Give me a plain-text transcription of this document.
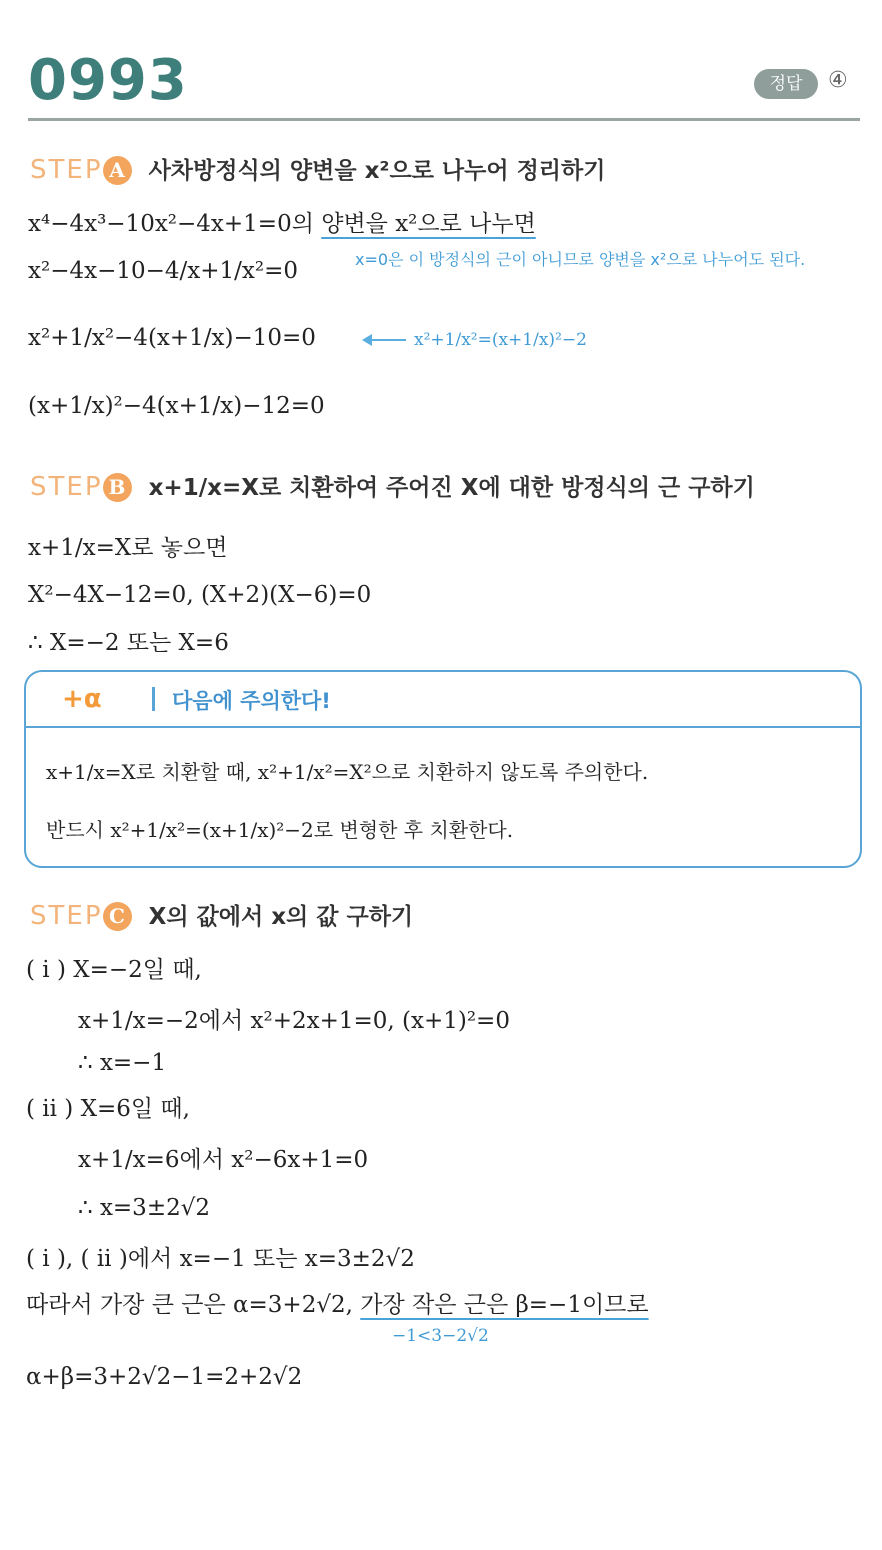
0993	정답	④
STEP A 사차방정식의 양변을 x²으로 나누어 정리하기
x⁴−4x³−10x²−4x+1=0의 양변을 x²으로 나누면
x=0은 이 방정식의 근이 아니므로 양변을 x²으로 나누어도 된다.
x²−4x−10−4/x+1/x²=0
x²+1/x²−4(x+1/x)−10=0	x²+1/x²=(x+1/x)²−2
(x+1/x)²−4(x+1/x)−12=0
STEP B x+1/x=X로 치환하여 주어진 X에 대한 방정식의 근 구하기
x+1/x=X로 놓으면
X²−4X−12=0, (X+2)(X−6)=0
∴ X=−2 또는 X=6
+α	다음에 주의한다!
x+1/x=X로 치환할 때, x²+1/x²=X²으로 치환하지 않도록 주의한다.
반드시 x²+1/x²=(x+1/x)²−2로 변형한 후 치환한다.
STEP C X의 값에서 x의 값 구하기
( i ) X=−2일 때,
x+1/x=−2에서 x²+2x+1=0, (x+1)²=0
∴ x=−1
( ii ) X=6일 때,
x+1/x=6에서 x²−6x+1=0
∴ x=3±2√2
( i ), ( ii )에서 x=−1 또는 x=3±2√2
따라서 가장 큰 근은 α=3+2√2, 가장 작은 근은 β=−1이므로
−1<3−2√2
α+β=3+2√2−1=2+2√2
